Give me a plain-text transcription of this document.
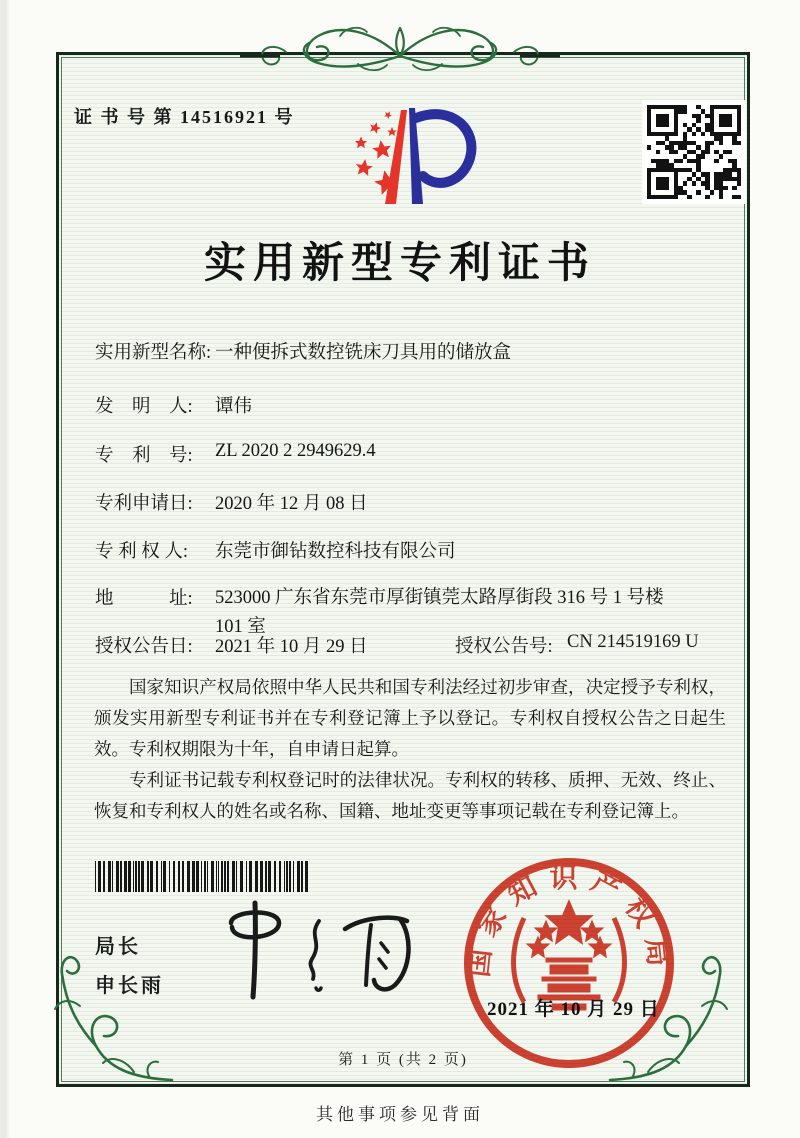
证 书 号 第 14516921 号
实用新型专利证书
实用新型名称: 一种便拆式数控铣床刀具用的储放盒
发　明　人:	谭伟
专　利　号:	ZL 2020 2 2949629.4
专利申请日:	2020 年 12 月 08 日
专 利 权 人:	东莞市御钻数控科技有限公司
地　　　址:	523000 广东省东莞市厚街镇莞太路厚街段 316 号 1 号楼 101 室
授权公告日:	2021 年 10 月 29 日	授权公告号: CN 214519169 U

国家知识产权局依照中华人民共和国专利法经过初步审查，决定授予专利权，颁发实用新型专利证书并在专利登记簿上予以登记。专利权自授权公告之日起生效。专利权期限为十年，自申请日起算。

专利证书记载专利权登记时的法律状况。专利权的转移、质押、无效、终止、恢复和专利权人的姓名或名称、国籍、地址变更等事项记载在专利登记簿上。

局长
申长雨
国家知识产权局
2021 年 10 月 29 日
第 1 页 (共 2 页)
其他事项参见背面
